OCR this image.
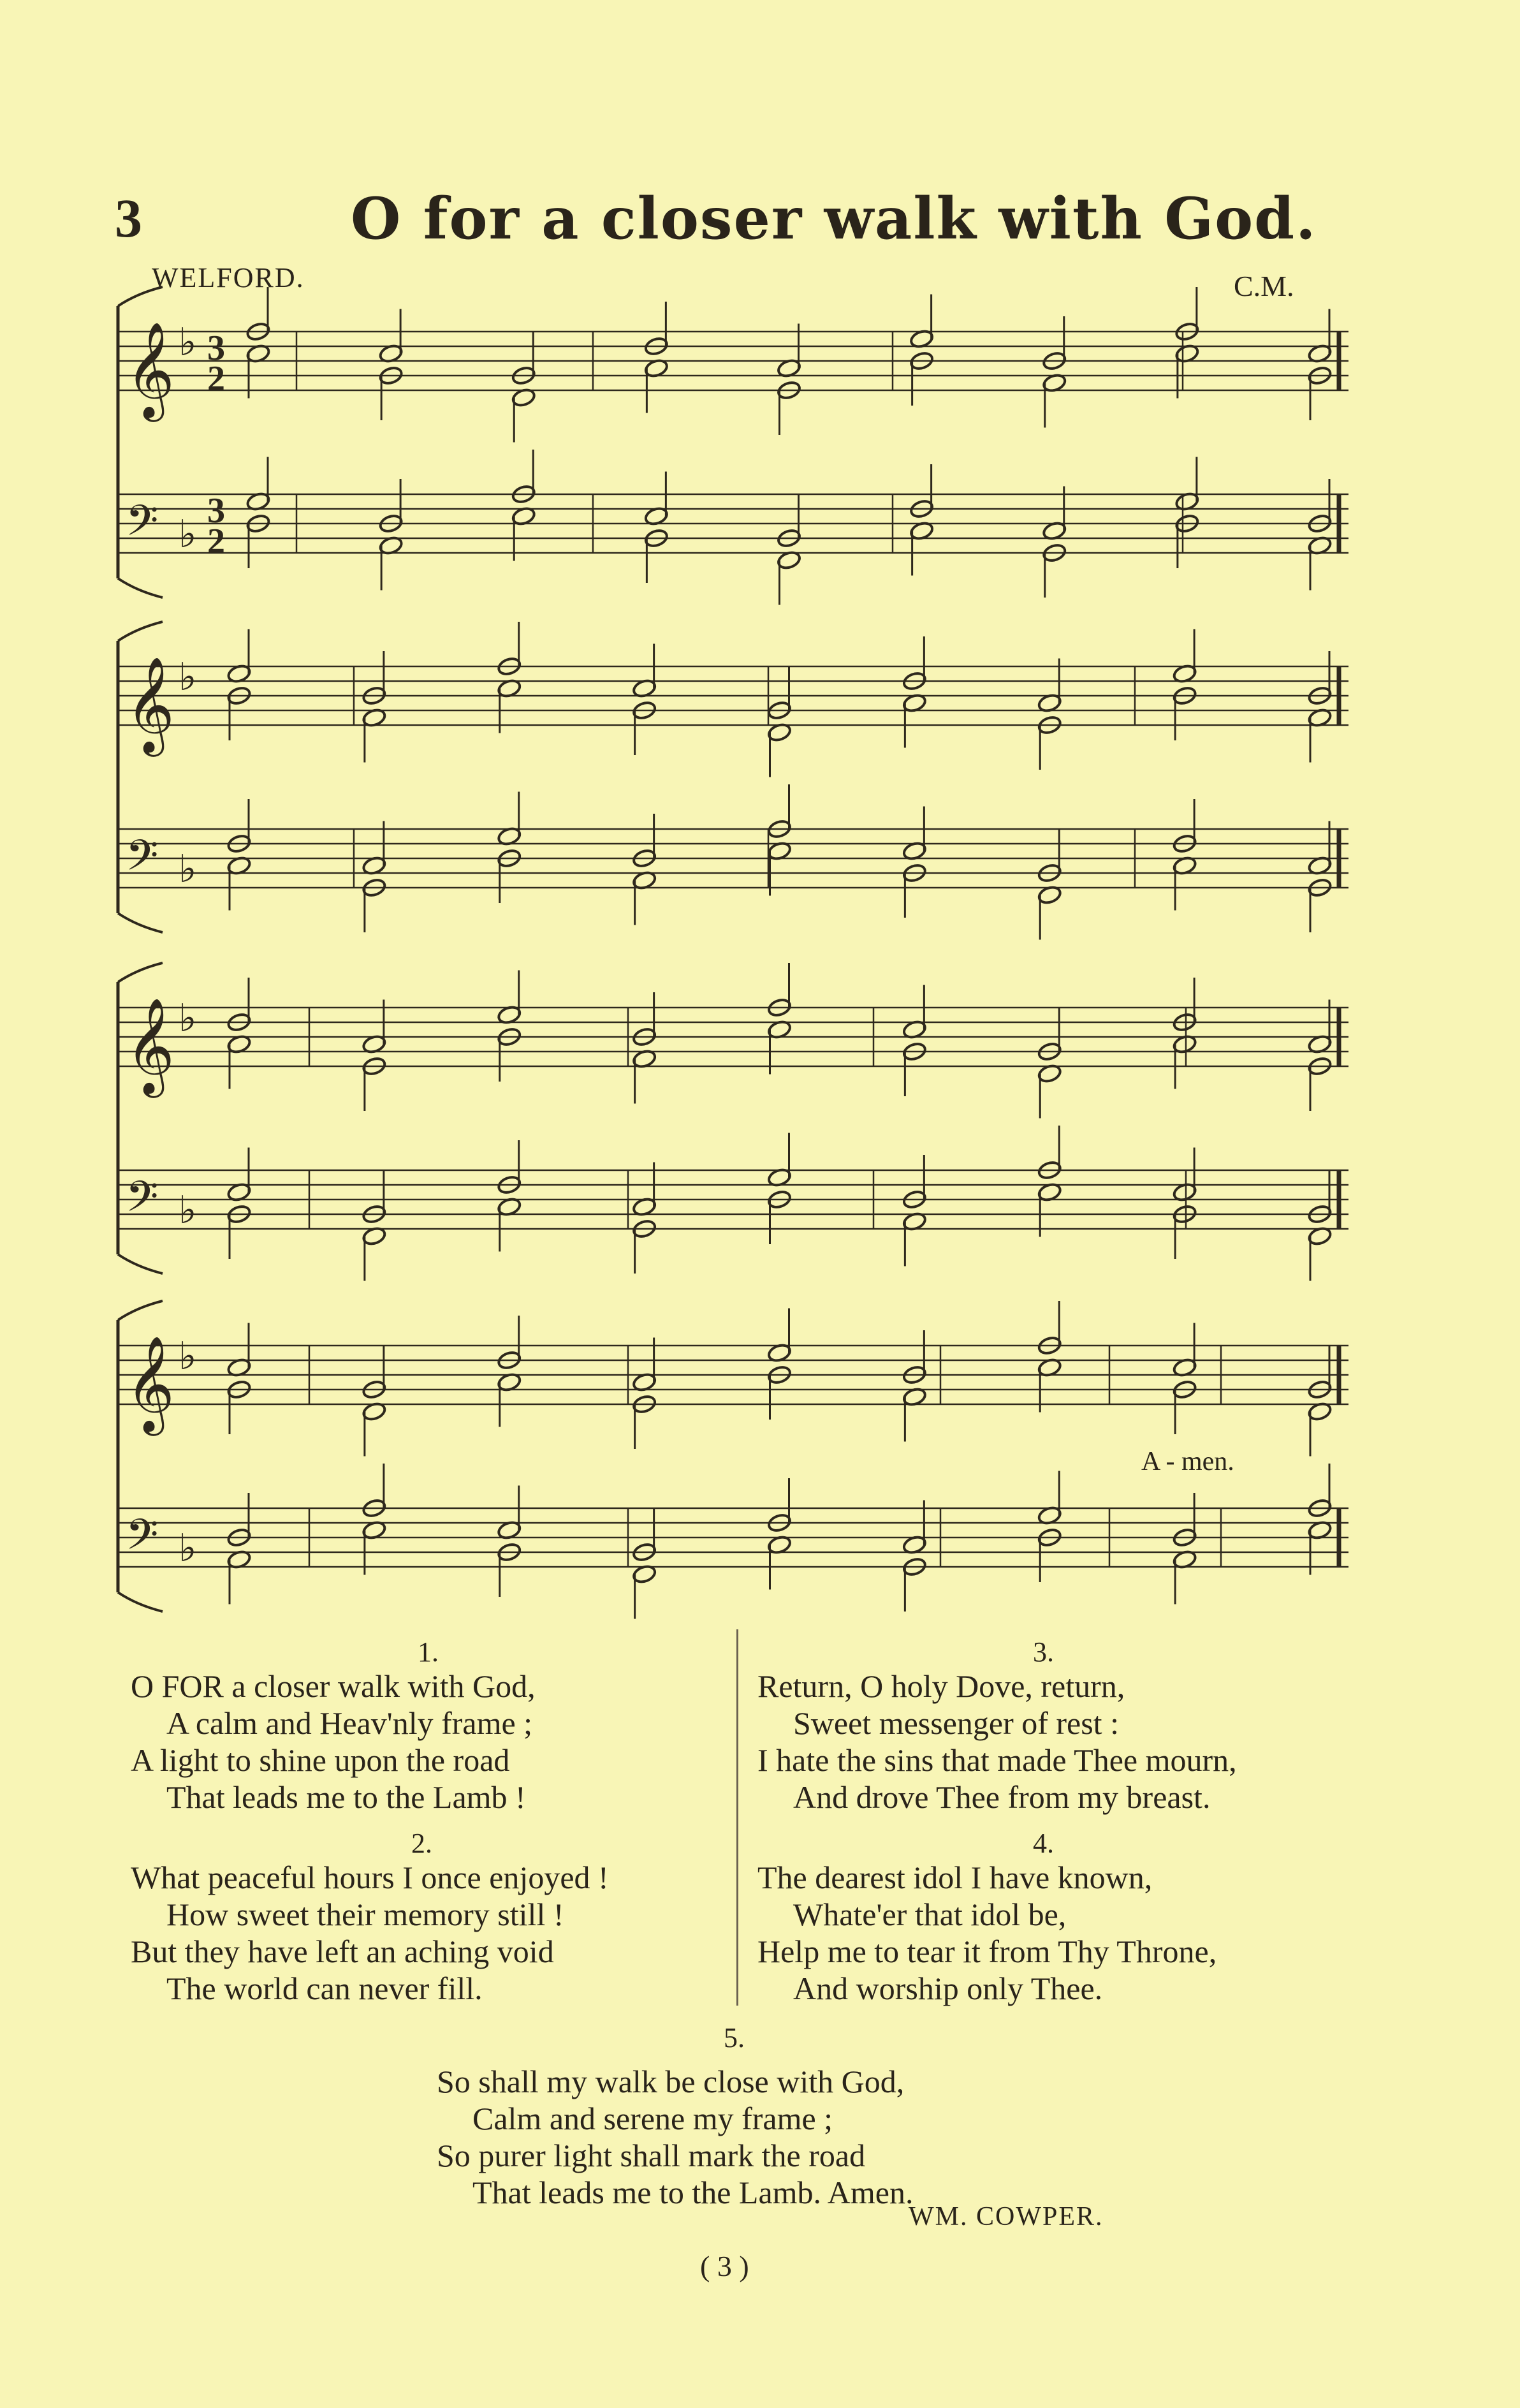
3	O for a closer walk with God.
WELFORD.	C.M.
𝄞 ♭ 3
2
𝄢 ♭
3
2
𝄞 ♭
𝄢 ♭
𝄞 ♭
𝄢 ♭
𝄞 ♭
𝄢 ♭
A - men.
1.
O FOR a closer walk with God,
A calm and Heav'nly frame ;
A light to shine upon the road
That leads me to the Lamb !
2.
What peaceful hours I once enjoyed !
How sweet their memory still !
But they have left an aching void
The world can never fill.
3.
Return, O holy Dove, return,
Sweet messenger of rest :
I hate the sins that made Thee mourn,
And drove Thee from my breast.
4.
The dearest idol I have known,
Whate'er that idol be,
Help me to tear it from Thy Throne,
And worship only Thee.
5.
So shall my walk be close with God,
Calm and serene my frame ;
So purer light shall mark the road
That leads me to the Lamb. Amen.
WM. COWPER.
( 3 )
